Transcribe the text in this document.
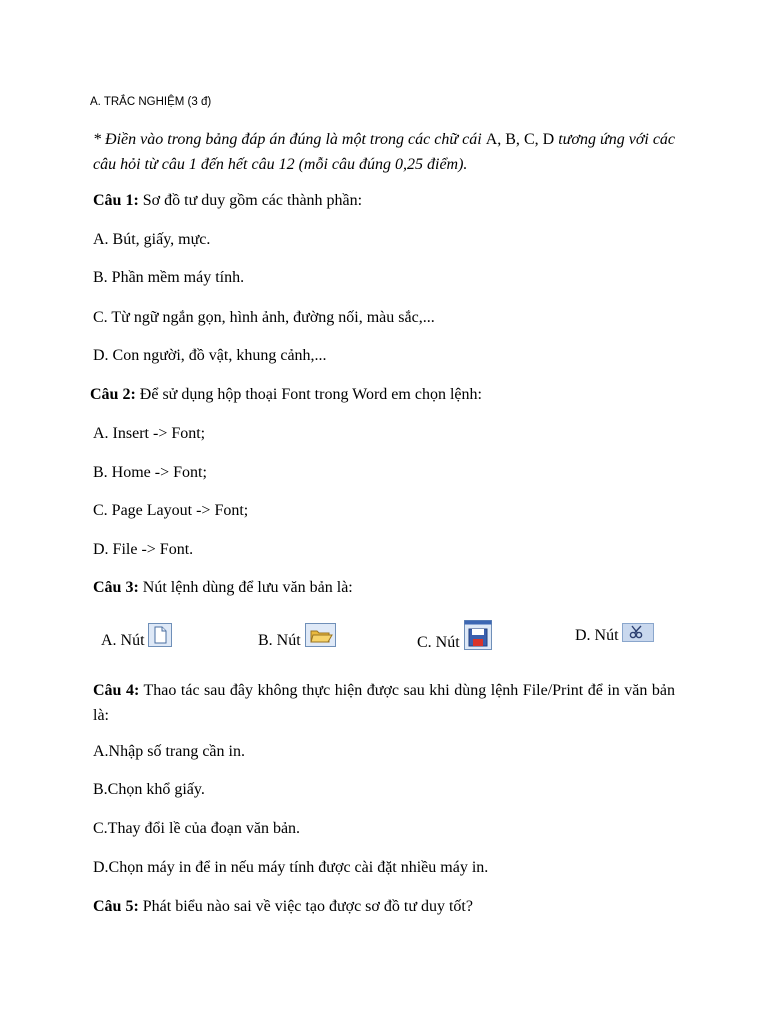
A. TRẮC NGHIỆM (3 đ)
* Điền vào trong bảng đáp án đúng là một trong các chữ cái A, B, C, D tương ứng với các câu hỏi từ câu 1 đến hết câu 12 (mỗi câu đúng 0,25 điểm).
Câu 1: Sơ đồ tư duy gồm các thành phần:
A. Bút, giấy, mực.
B. Phần mềm máy tính.
C. Từ ngữ ngắn gọn, hình ảnh, đường nối, màu sắc,...
D. Con người, đồ vật, khung cảnh,...
Câu 2: Để sử dụng hộp thoại Font trong Word em chọn lệnh:
A. Insert -> Font;
B. Home -> Font;
C. Page Layout -> Font;
D. File -> Font.
Câu 3: Nút lệnh dùng để lưu văn bản là:
A. Nút	B. Nút	C. Nút	D. Nút
Câu 4: Thao tác sau đây không thực hiện được sau khi dùng lệnh File/Print để in văn bản là:
A.Nhập số trang cần in.
B.Chọn khổ giấy.
C.Thay đổi lề của đoạn văn bản.
D.Chọn máy in để in nếu máy tính được cài đặt nhiều máy in.
Câu 5: Phát biểu nào sai về việc tạo được sơ đồ tư duy tốt?
